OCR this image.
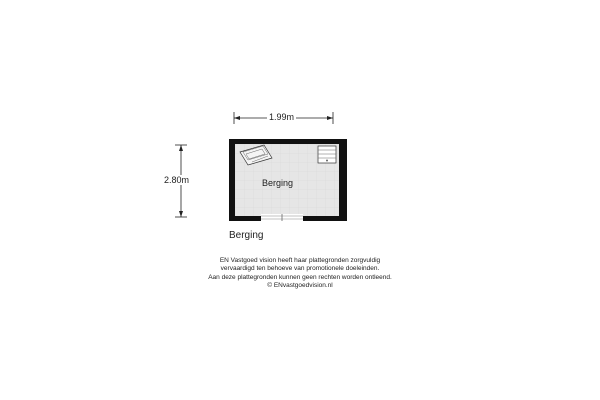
1.99m
2.80m	Berging
Berging
EN Vastgoed vision heeft haar plattegronden zorgvuldig
vervaardigd ten behoeve van promotionele doeleinden.
Aan deze plattegronden kunnen geen rechten worden ontleend.
© ENvastgoedvision.nl
